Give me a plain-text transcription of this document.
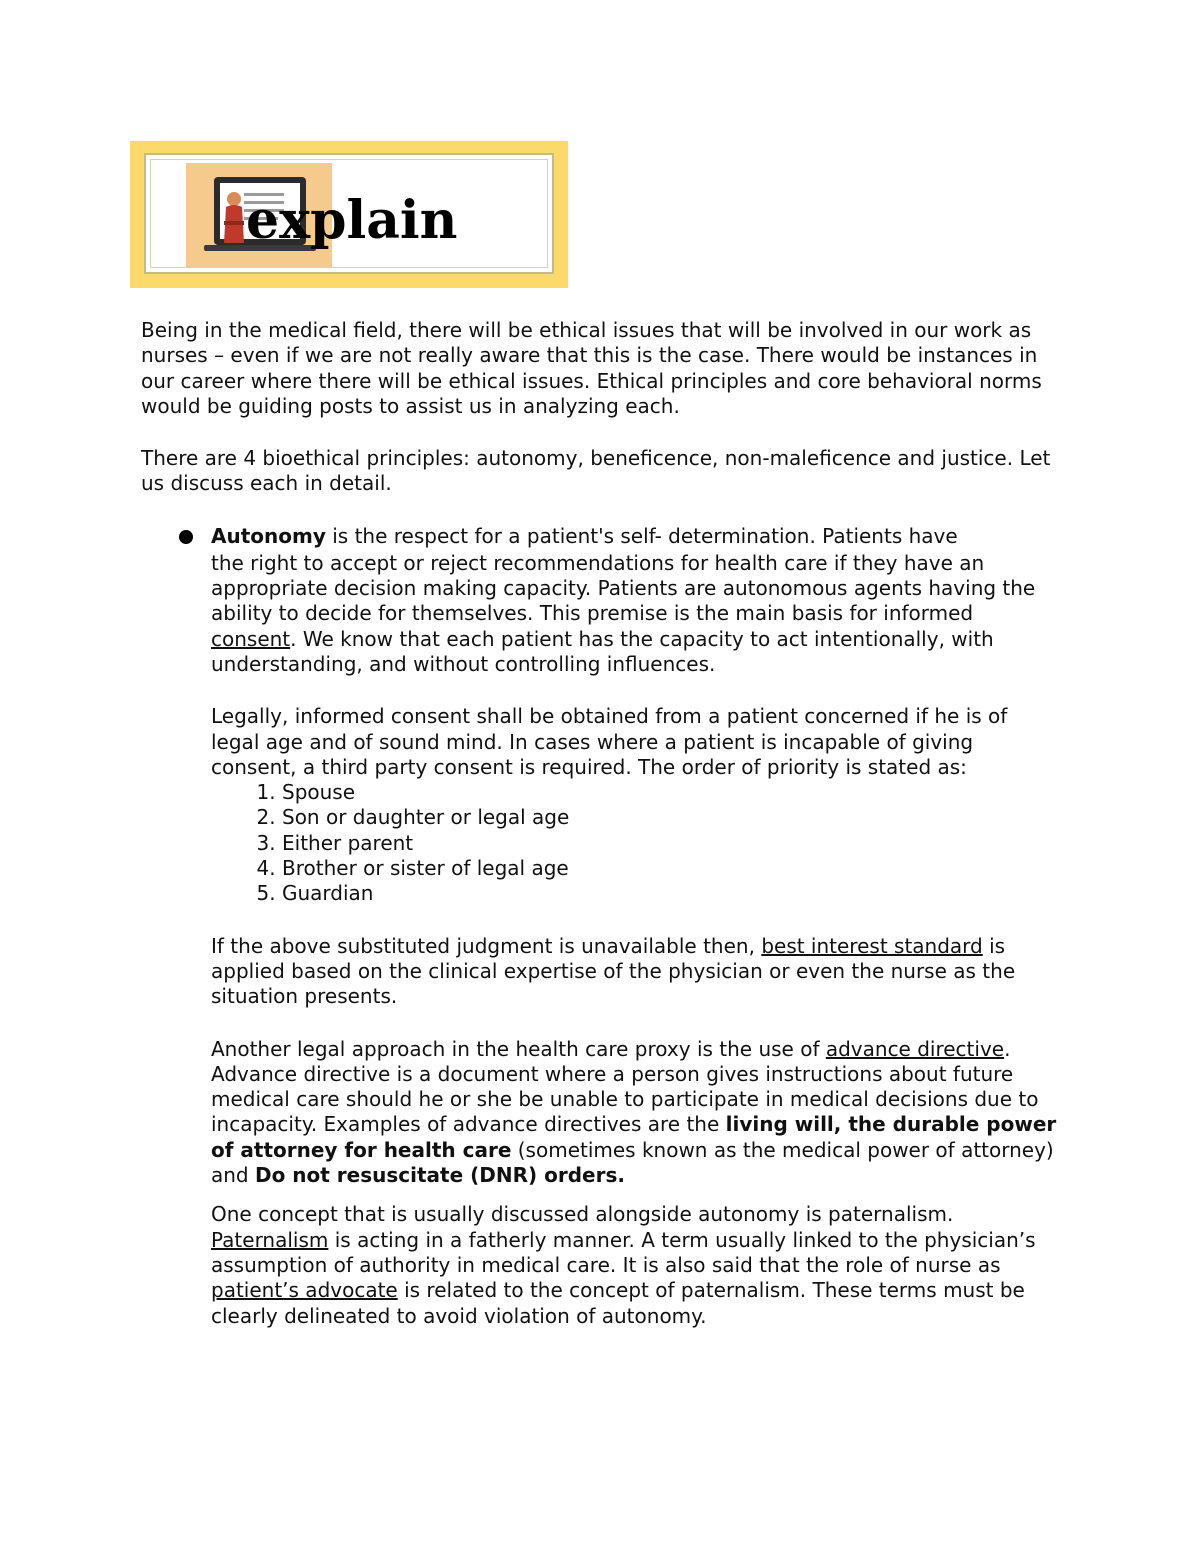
explain

Being in the medical field, there will be ethical issues that will be involved in our work as nurses – even if we are not really aware that this is the case. There would be instances in our career where there will be ethical issues. Ethical principles and core behavioral norms would be guiding posts to assist us in analyzing each.

There are 4 bioethical principles: autonomy, beneficence, non-maleficence and justice. Let us discuss each in detail.

Autonomy is the respect for a patient's self- determination. Patients have
the right to accept or reject recommendations for health care if they have an appropriate decision making capacity. Patients are autonomous agents having the ability to decide for themselves. This premise is the main basis for informed consent. We know that each patient has the capacity to act intentionally, with understanding, and without controlling influences.

Legally, informed consent shall be obtained from a patient concerned if he is of legal age and of sound mind. In cases where a patient is incapable of giving consent, a third party consent is required. The order of priority is stated as:

1. Spouse
2. Son or daughter or legal age
3. Either parent
4. Brother or sister of legal age
5. Guardian

If the above substituted judgment is unavailable then, best interest standard is applied based on the clinical expertise of the physician or even the nurse as the situation presents.

Another legal approach in the health care proxy is the use of advance directive. Advance directive is a document where a person gives instructions about future medical care should he or she be unable to participate in medical decisions due to incapacity. Examples of advance directives are the living will, the durable power of attorney for health care (sometimes known as the medical power of attorney) and Do not resuscitate (DNR) orders.

One concept that is usually discussed alongside autonomy is paternalism. Paternalism is acting in a fatherly manner. A term usually linked to the physician’s assumption of authority in medical care. It is also said that the role of nurse as patient’s advocate is related to the concept of paternalism. These terms must be clearly delineated to avoid violation of autonomy.
